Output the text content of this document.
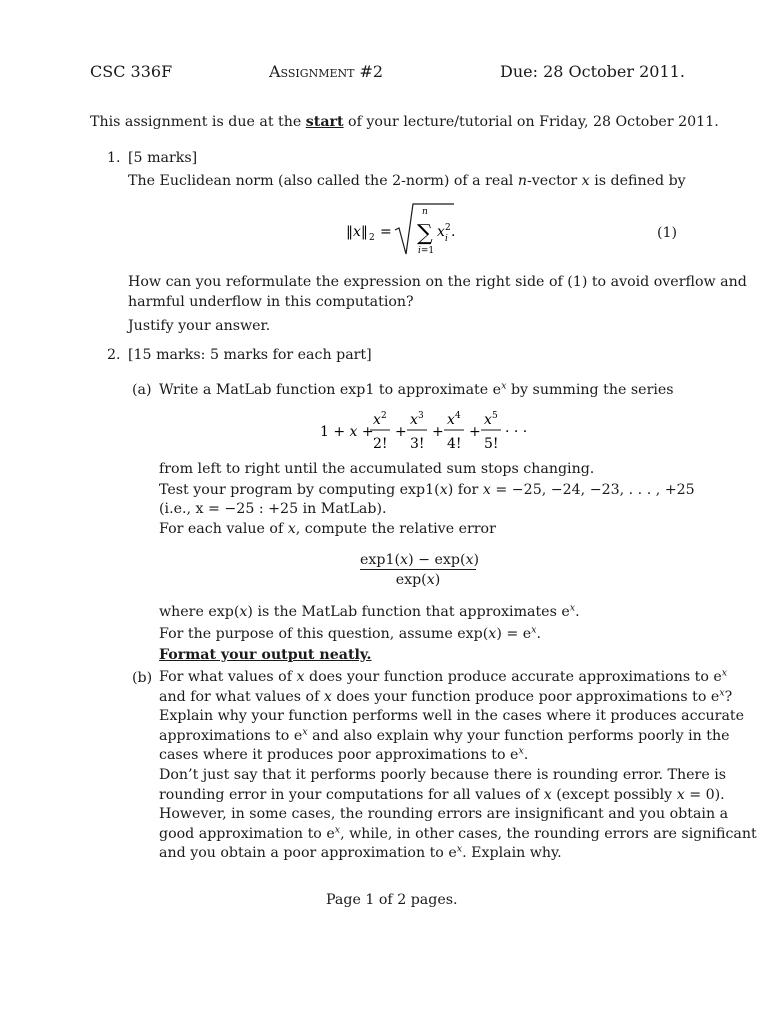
CSC 336F	Assignment #2	Due: 28 October 2011.
This assignment is due at the start of your lecture/tutorial on Friday, 28 October 2011.
1. [5 marks]
The Euclidean norm (also called the 2-norm) of a real n-vector x is defined by
‖x‖ 2 = ∑
n
i=1
x 2
i .	(1)
How can you reformulate the expression on the right side of (1) to avoid overflow and
harmful underflow in this computation?
Justify your answer.
2. [15 marks: 5 marks for each part]
(a) Write a MatLab function exp1 to approximate $e^x$ by summing the series
1 + x +
x 2
2!
+
x 3
3!
+
x 4
4!
+
x 5
5!
· · ·
from left to right until the accumulated sum stops changing.
Test your program by computing exp1(x) for x = −25, −24, −23, . . . , +25
(i.e., x = −25 : +25 in MatLab).
For each value of x, compute the relative error
$\frac{\exp 1(x) - \exp(x)}{\exp(x)}$
where exp(x) is the MatLab function that approximates $e^x$.
For the purpose of this question, assume $\exp(x) = e^x$.
Format your output neatly.
(b) For what values of x does your function produce accurate approximations to $e^x$
and for what values of x does your function produce poor approximations to $e^x$?
Explain why your function performs well in the cases where it produces accurate
approximations to $e^x$ and also explain why your function performs poorly in the
cases where it produces poor approximations to $e^x$.
Don’t just say that it performs poorly because there is rounding error. There is
rounding error in your computations for all values of x (except possibly x = 0).
However, in some cases, the rounding errors are insignificant and you obtain a
good approximation to $e^x$, while, in other cases, the rounding errors are significant
and you obtain a poor approximation to $e^x$. Explain why.
Page 1 of 2 pages.
